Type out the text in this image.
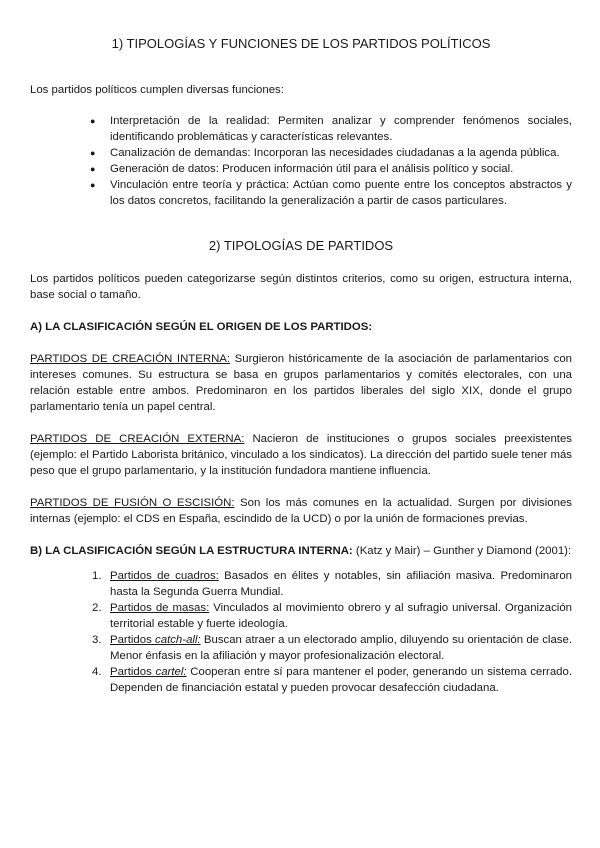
1) TIPOLOGÍAS Y FUNCIONES DE LOS PARTIDOS POLÍTICOS

Los partidos políticos cumplen diversas funciones:

● Interpretación de la realidad: Permiten analizar y comprender fenómenos sociales, identificando problemáticas y características relevantes.
● Canalización de demandas: Incorporan las necesidades ciudadanas a la agenda pública.
● Generación de datos: Producen información útil para el análisis político y social.
● Vinculación entre teoría y práctica: Actúan como puente entre los conceptos abstractos y los datos concretos, facilitando la generalización a partir de casos particulares.
2) TIPOLOGÍAS DE PARTIDOS

Los partidos políticos pueden categorizarse según distintos criterios, como su origen, estructura interna, base social o tamaño.

A) LA CLASIFICACIÓN SEGÚN EL ORIGEN DE LOS PARTIDOS:

PARTIDOS DE CREACIÓN INTERNA: Surgieron históricamente de la asociación de parlamentarios con intereses comunes. Su estructura se basa en grupos parlamentarios y comités electorales, con una relación estable entre ambos. Predominaron en los partidos liberales del siglo XIX, donde el grupo parlamentario tenía un papel central.

PARTIDOS DE CREACIÓN EXTERNA: Nacieron de instituciones o grupos sociales preexistentes (ejemplo: el Partido Laborista británico, vinculado a los sindicatos). La dirección del partido suele tener más peso que el grupo parlamentario, y la institución fundadora mantiene influencia.

PARTIDOS DE FUSIÓN O ESCISIÓN: Son los más comunes en la actualidad. Surgen por divisiones internas (ejemplo: el CDS en España, escindido de la UCD) o por la unión de formaciones previas.

B) LA CLASIFICACIÓN SEGÚN LA ESTRUCTURA INTERNA: (Katz y Mair) – Gunther y Diamond (2001):

1. Partidos de cuadros: Basados en élites y notables, sin afiliación masiva. Predominaron hasta la Segunda Guerra Mundial.
2. Partidos de masas: Vinculados al movimiento obrero y al sufragio universal. Organización territorial estable y fuerte ideología.
3. Partidos catch-all: Buscan atraer a un electorado amplio, diluyendo su orientación de clase. Menor énfasis en la afiliación y mayor profesionalización electoral.
4. Partidos cartel: Cooperan entre sí para mantener el poder, generando un sistema cerrado. Dependen de financiación estatal y pueden provocar desafección ciudadana.
